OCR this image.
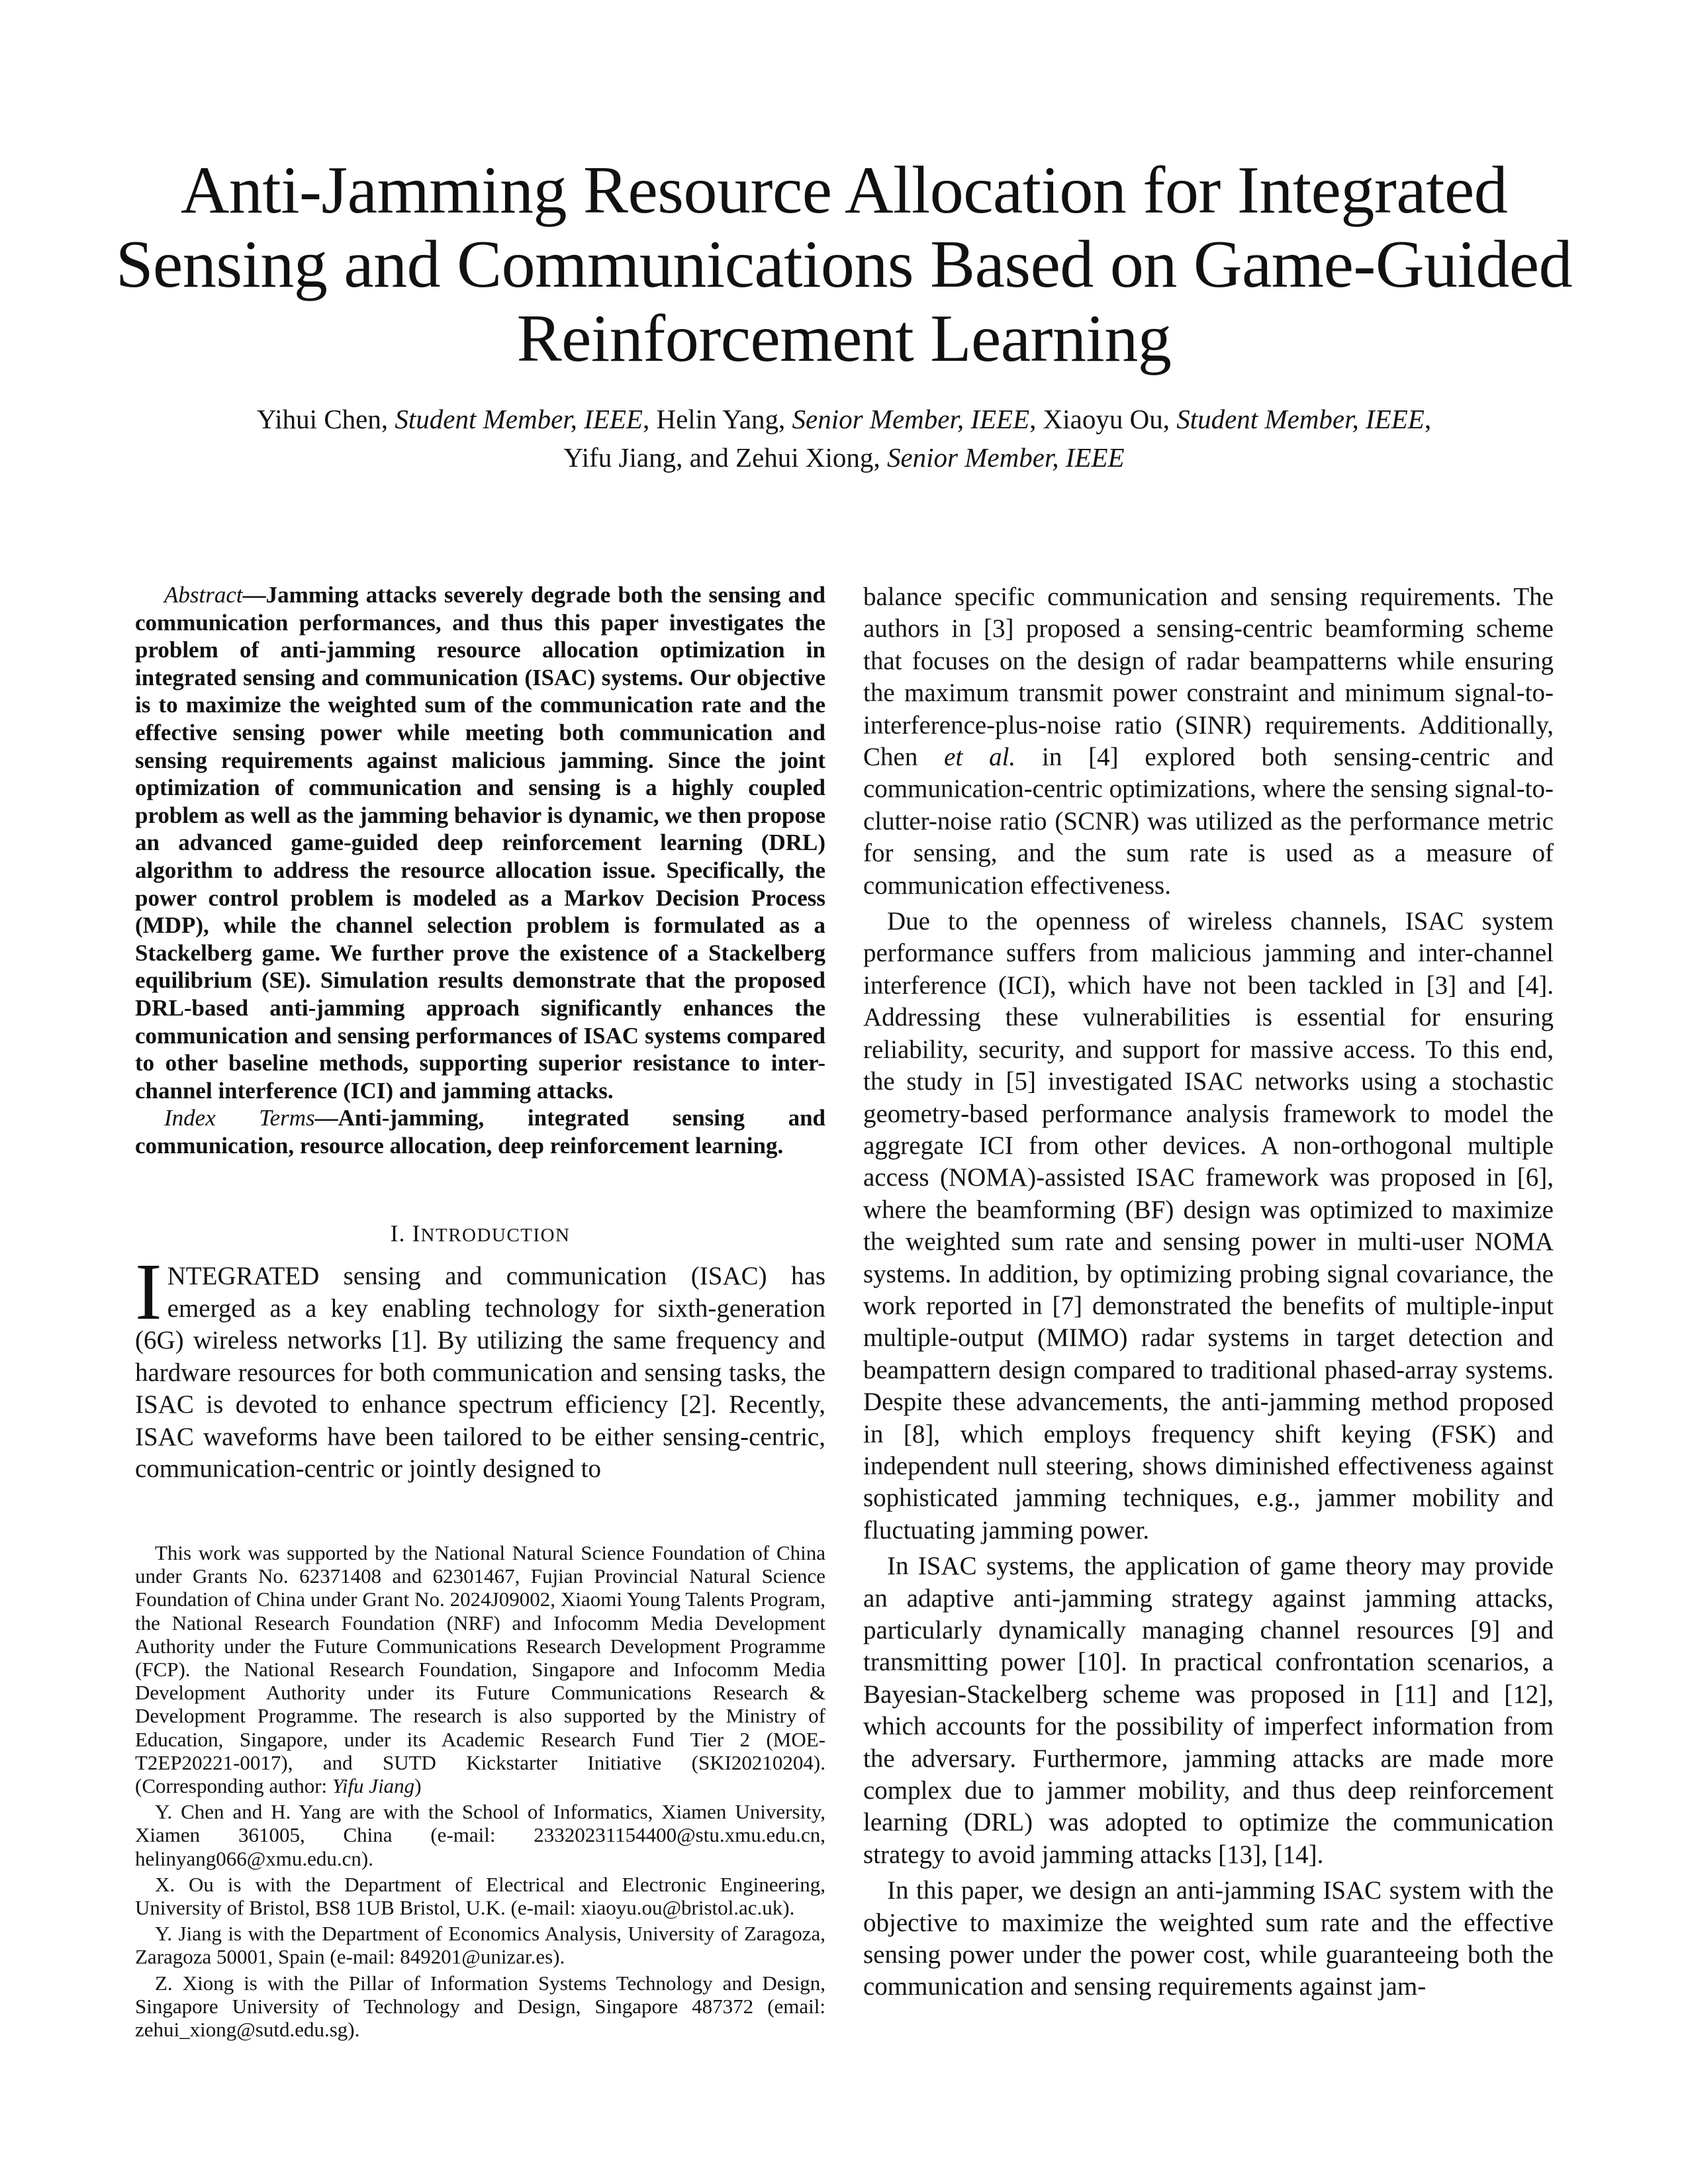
Anti-Jamming Resource Allocation for Integrated Sensing and Communications Based on Game-Guided Reinforcement Learning

Yihui Chen, Student Member, IEEE, Helin Yang, Senior Member, IEEE, Xiaoyu Ou, Student Member, IEEE,
Yifu Jiang, and Zehui Xiong, Senior Member, IEEE

Abstract—Jamming attacks severely degrade both the sensing and communication performances, and thus this paper investigates the problem of anti-jamming resource allocation optimization in integrated sensing and communication (ISAC) systems. Our objective is to maximize the weighted sum of the communication rate and the effective sensing power while meeting both communication and sensing requirements against malicious jamming. Since the joint optimization of communication and sensing is a highly coupled problem as well as the jamming behavior is dynamic, we then propose an advanced game-guided deep reinforcement learning (DRL) algorithm to address the resource allocation issue. Specifically, the power control problem is modeled as a Markov Decision Process (MDP), while the channel selection problem is formulated as a Stackelberg game. We further prove the existence of a Stackelberg equilibrium (SE). Simulation results demonstrate that the proposed DRL-based anti-jamming approach significantly enhances the communication and sensing performances of ISAC systems compared to other baseline methods, supporting superior resistance to inter-channel interference (ICI) and jamming attacks.

Index Terms—Anti-jamming, integrated sensing and communication, resource allocation, deep reinforcement learning.

I. INTRODUCTION

INTEGRATED sensing and communication (ISAC) has emerged as a key enabling technology for sixth-generation (6G) wireless networks [1]. By utilizing the same frequency and hardware resources for both communication and sensing tasks, the ISAC is devoted to enhance spectrum efficiency [2]. Recently, ISAC waveforms have been tailored to be either sensing-centric, communication-centric or jointly designed to

This work was supported by the National Natural Science Foundation of China under Grants No. 62371408 and 62301467, Fujian Provincial Natural Science Foundation of China under Grant No. 2024J09002, Xiaomi Young Talents Program, the National Research Foundation (NRF) and Infocomm Media Development Authority under the Future Communications Research Development Programme (FCP). the National Research Foundation, Singapore and Infocomm Media Development Authority under its Future Communications Research & Development Programme. The research is also supported by the Ministry of Education, Singapore, under its Academic Research Fund Tier 2 (MOE-T2EP20221-0017), and SUTD Kickstarter Initiative (SKI20210204). (Corresponding author: Yifu Jiang)

Y. Chen and H. Yang are with the School of Informatics, Xiamen University, Xiamen 361005, China (e-mail: 23320231154400@stu.xmu.edu.cn, helinyang066@xmu.edu.cn).

X. Ou is with the Department of Electrical and Electronic Engineering, University of Bristol, BS8 1UB Bristol, U.K. (e-mail: xiaoyu.ou@bristol.ac.uk).

Y. Jiang is with the Department of Economics Analysis, University of Zaragoza, Zaragoza 50001, Spain (e-mail: 849201@unizar.es).

Z. Xiong is with the Pillar of Information Systems Technology and Design, Singapore University of Technology and Design, Singapore 487372 (email: zehui_xiong@sutd.edu.sg).

balance specific communication and sensing requirements. The authors in [3] proposed a sensing-centric beamforming scheme that focuses on the design of radar beampatterns while ensuring the maximum transmit power constraint and minimum signal-to-interference-plus-noise ratio (SINR) requirements. Additionally, Chen et al. in [4] explored both sensing-centric and communication-centric optimizations, where the sensing signal-to-clutter-noise ratio (SCNR) was utilized as the performance metric for sensing, and the sum rate is used as a measure of communication effectiveness.

Due to the openness of wireless channels, ISAC system performance suffers from malicious jamming and inter-channel interference (ICI), which have not been tackled in [3] and [4]. Addressing these vulnerabilities is essential for ensuring reliability, security, and support for massive access. To this end, the study in [5] investigated ISAC networks using a stochastic geometry-based performance analysis framework to model the aggregate ICI from other devices. A non-orthogonal multiple access (NOMA)-assisted ISAC framework was proposed in [6], where the beamforming (BF) design was optimized to maximize the weighted sum rate and sensing power in multi-user NOMA systems. In addition, by optimizing probing signal covariance, the work reported in [7] demonstrated the benefits of multiple-input multiple-output (MIMO) radar systems in target detection and beampattern design compared to traditional phased-array systems. Despite these advancements, the anti-jamming method proposed in [8], which employs frequency shift keying (FSK) and independent null steering, shows diminished effectiveness against sophisticated jamming techniques, e.g., jammer mobility and fluctuating jamming power.

In ISAC systems, the application of game theory may provide an adaptive anti-jamming strategy against jamming attacks, particularly dynamically managing channel resources [9] and transmitting power [10]. In practical confrontation scenarios, a Bayesian-Stackelberg scheme was proposed in [11] and [12], which accounts for the possibility of imperfect information from the adversary. Furthermore, jamming attacks are made more complex due to jammer mobility, and thus deep reinforcement learning (DRL) was adopted to optimize the communication strategy to avoid jamming attacks [13], [14].

In this paper, we design an anti-jamming ISAC system with the objective to maximize the weighted sum rate and the effective sensing power under the power cost, while guaranteeing both the communication and sensing requirements against jam-
